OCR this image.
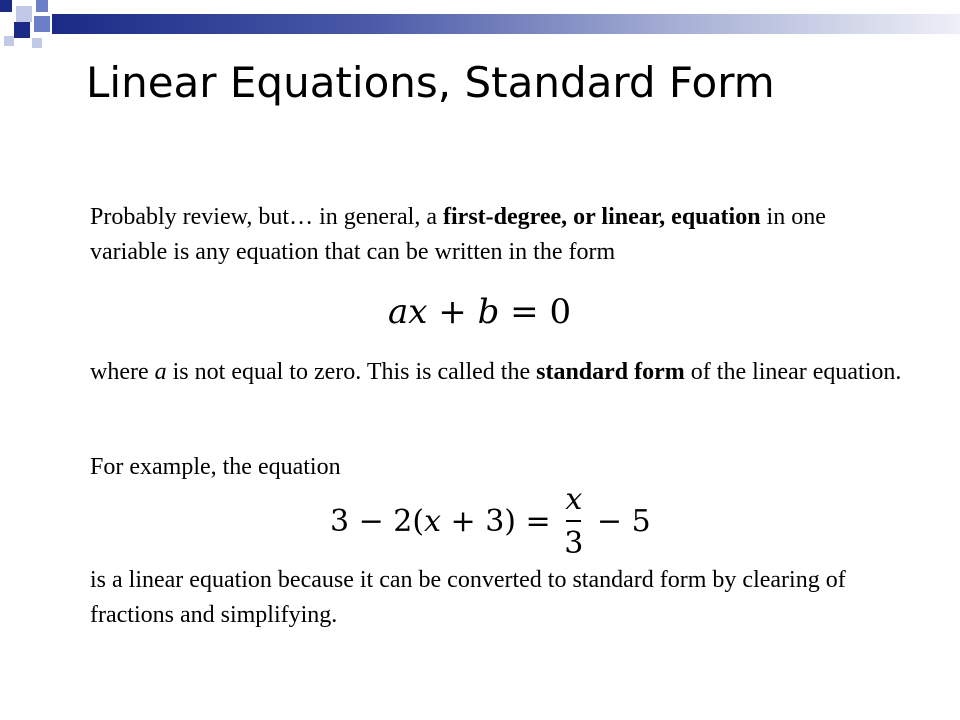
Linear Equations, Standard Form
Probably review, but… in general, a first-degree, or linear, equation in one variable is any equation that can be written in the form
ax + b = 0
where a is not equal to zero. This is called the standard form of the linear equation.
For example, the equation
$3 - 2(x + 3) = \frac{x}{3} - 5$
is a linear equation because it can be converted to standard form by clearing of fractions and simplifying.
